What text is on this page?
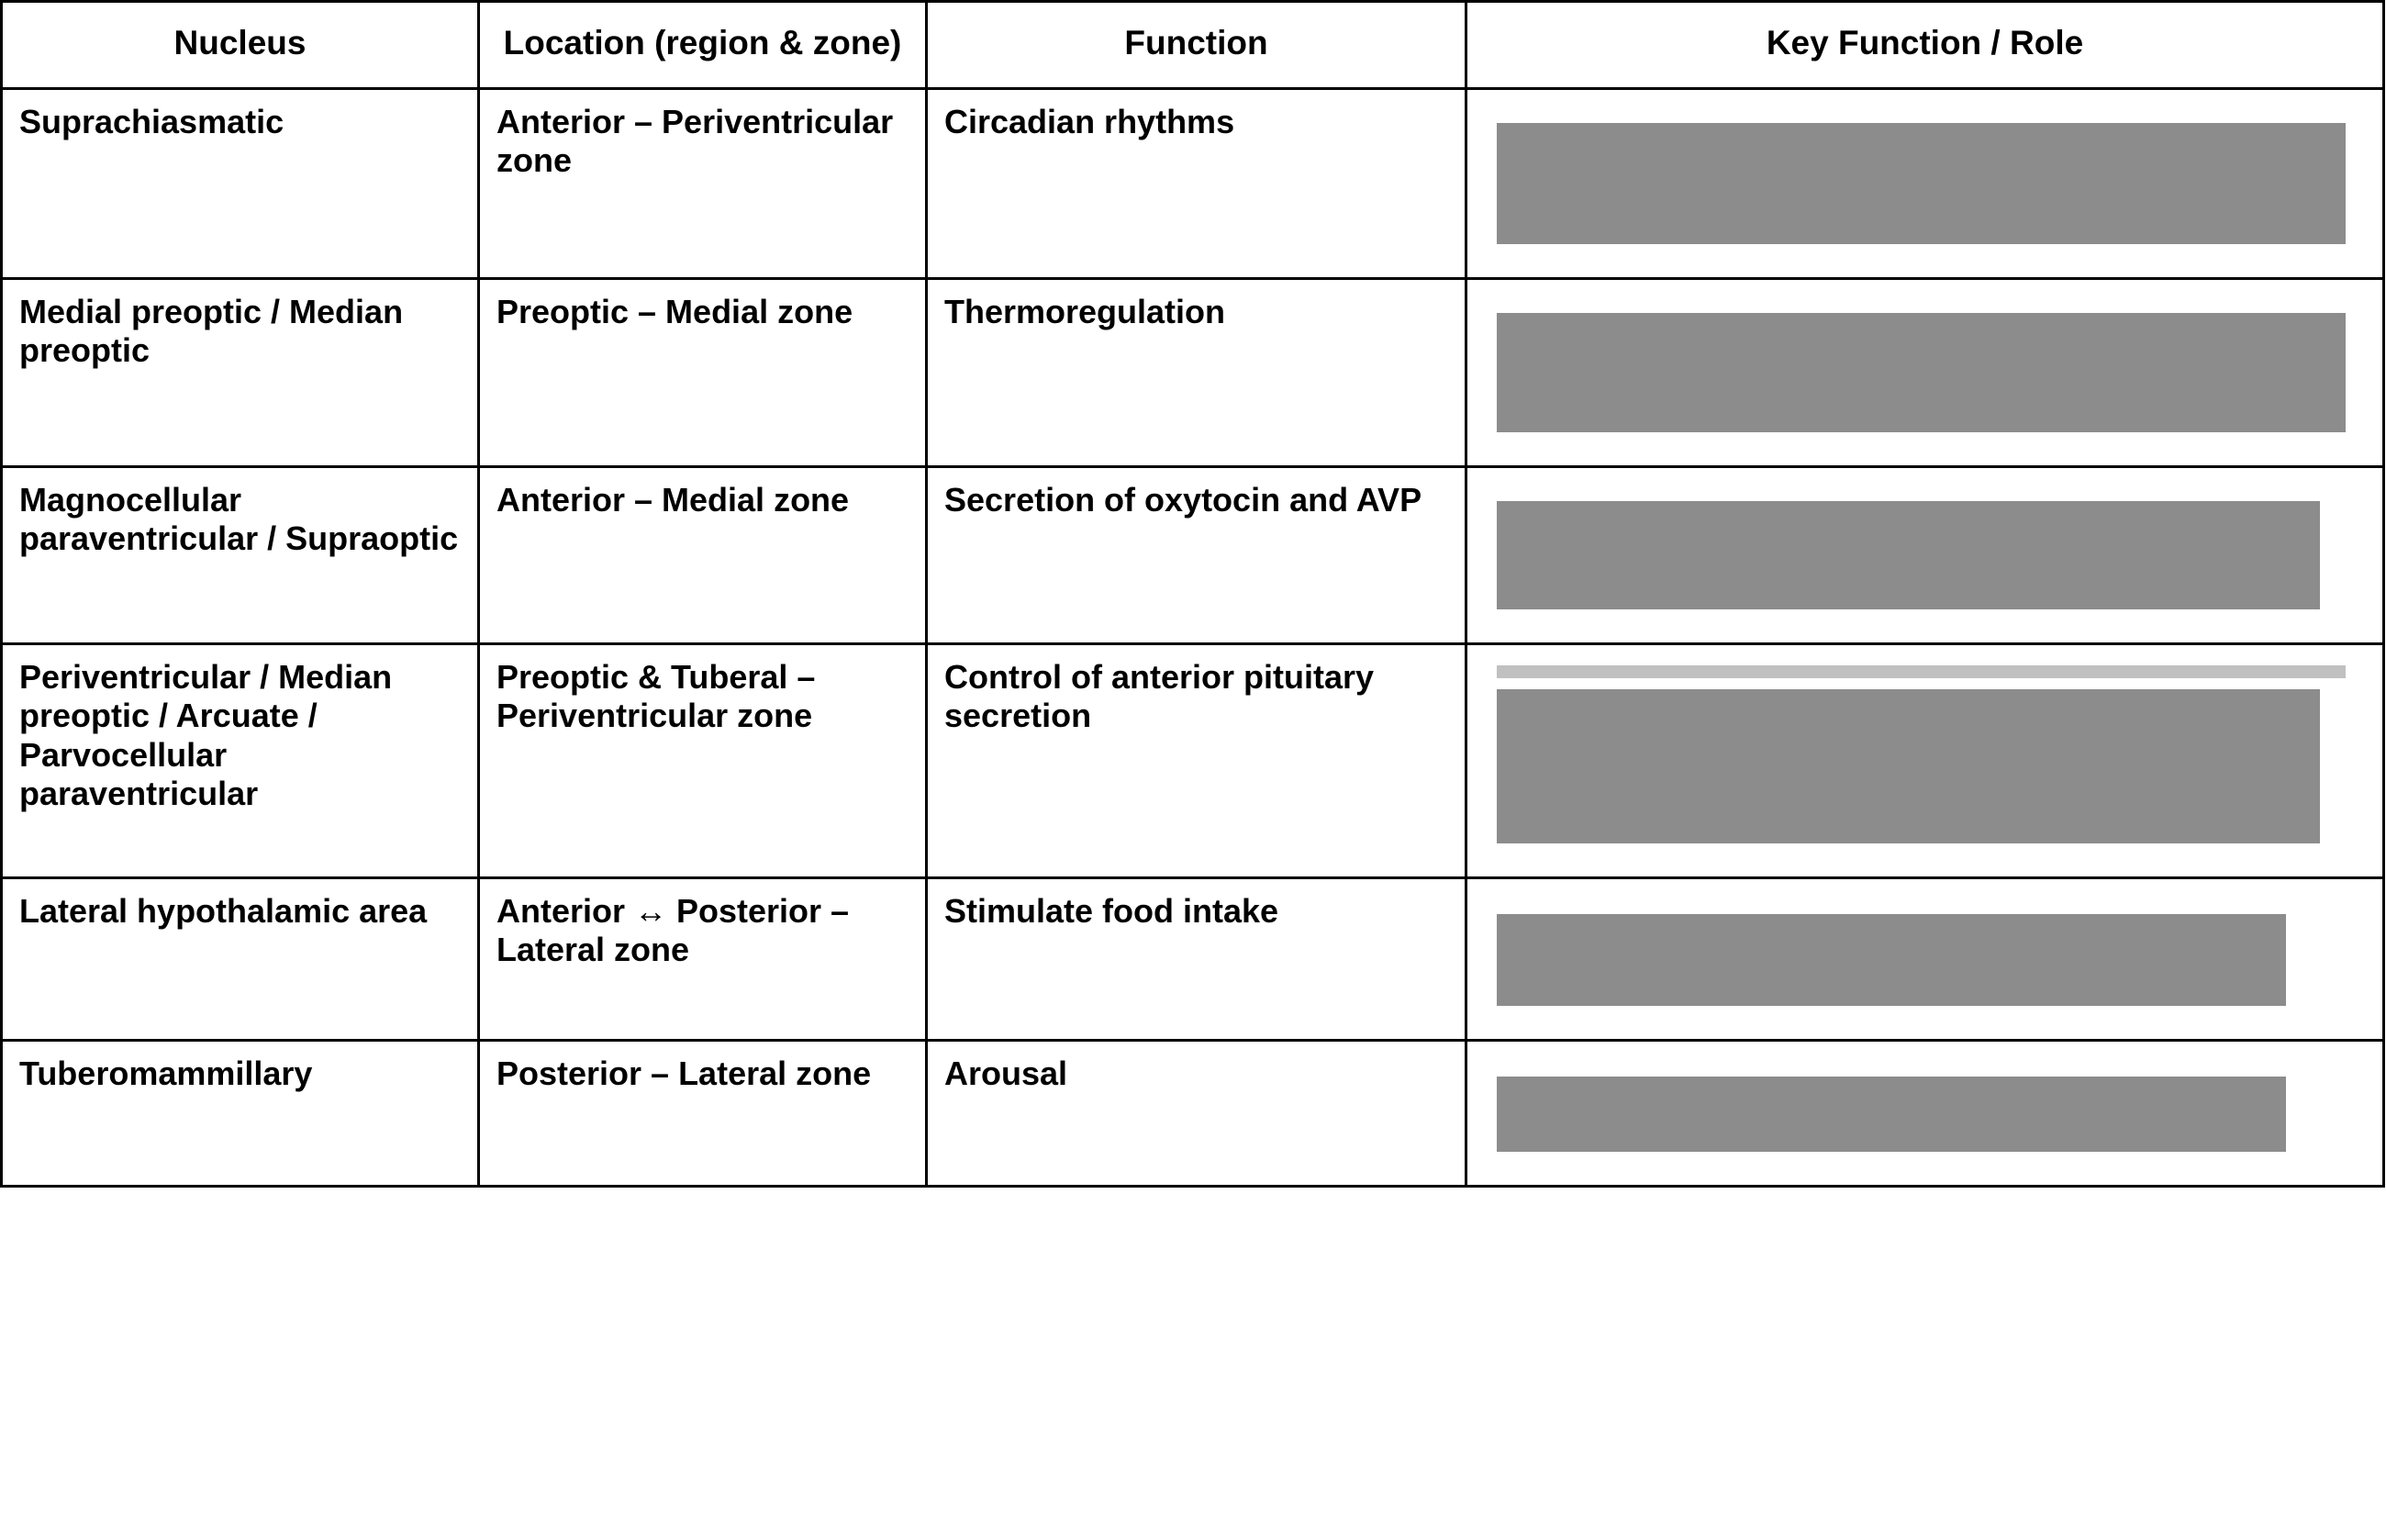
Nucleus	Location (region & zone)	Function	Key Function / Role
Suprachiasmatic	Anterior – Periventricular zone	Circadian rhythms	

Medial preoptic / Median preoptic	Preoptic – Medial zone	Thermoregulation	

Magnocellular paraventricular / Supraoptic	Anterior – Medial zone	Secretion of oxytocin and AVP	

Periventricular / Median preoptic / Arcuate / Parvocellular paraventricular	Preoptic & Tuberal – Periventricular zone	Control of anterior pituitary secretion	

Lateral hypothalamic area	Anterior ↔ Posterior – Lateral zone	Stimulate food intake	

Tuberomammillary	Posterior – Lateral zone	Arousal	
